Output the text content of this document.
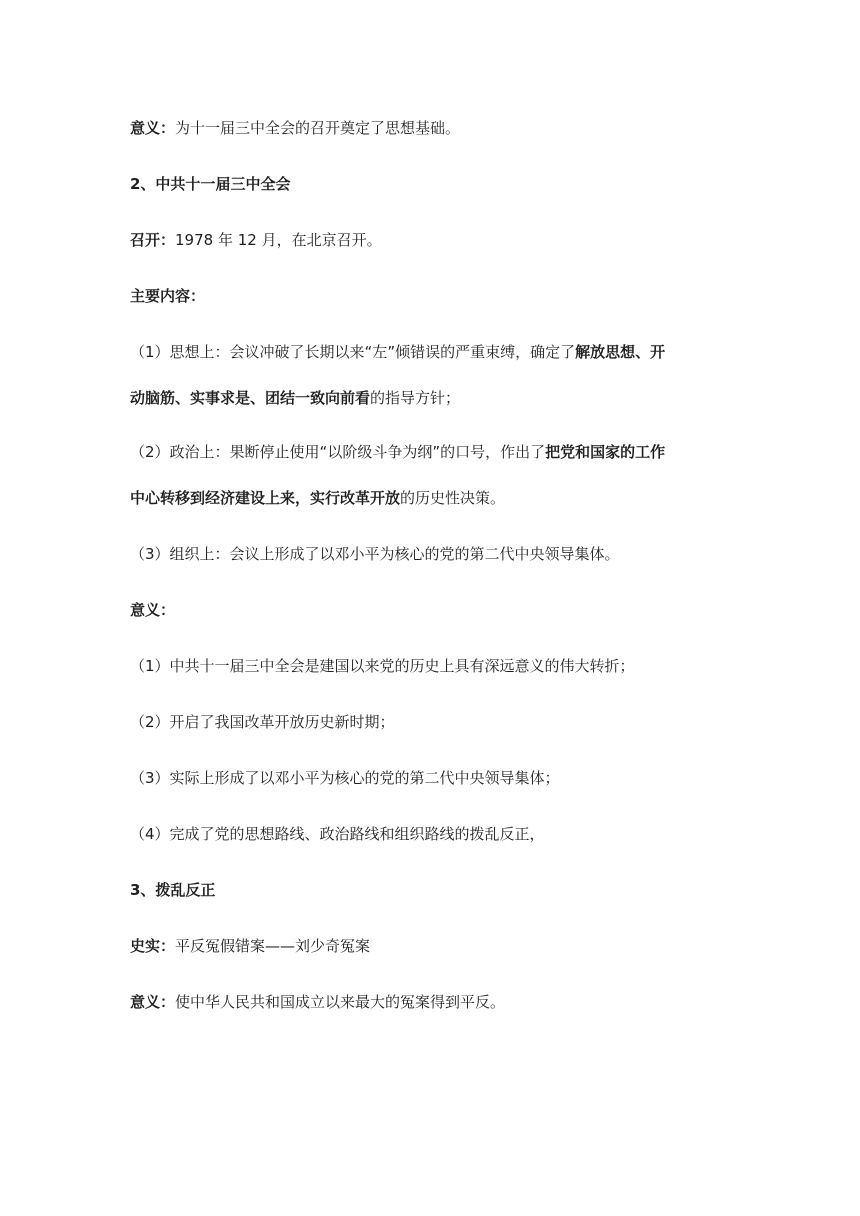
意义：为十一届三中全会的召开奠定了思想基础。
2、中共十一届三中全会
召开：1978 年 12 月，在北京召开。
主要内容：
（1）思想上：会议冲破了长期以来“左”倾错误的严重束缚，确定了解放思想、开
动脑筋、实事求是、团结一致向前看的指导方针；
（2）政治上：果断停止使用“以阶级斗争为纲”的口号，作出了把党和国家的工作
中心转移到经济建设上来，实行改革开放的历史性决策。
（3）组织上：会议上形成了以邓小平为核心的党的第二代中央领导集体。
意义：
（1）中共十一届三中全会是建国以来党的历史上具有深远意义的伟大转折；
（2）开启了我国改革开放历史新时期；
（3）实际上形成了以邓小平为核心的党的第二代中央领导集体；
（4）完成了党的思想路线、政治路线和组织路线的拨乱反正，
3、拨乱反正
史实：平反冤假错案——刘少奇冤案
意义：使中华人民共和国成立以来最大的冤案得到平反。
